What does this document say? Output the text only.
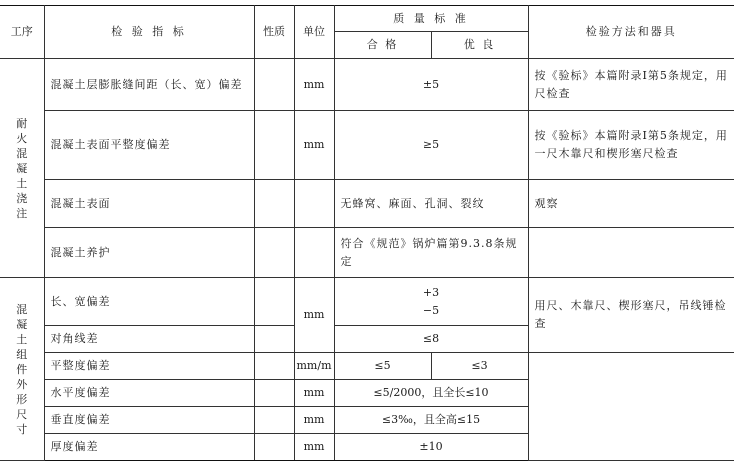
工序	检 验 指 标	性质	单位	质 量 标 准		检验方法和器具
				合 格	优 良	

耐火混凝土浇注	混凝土层膨胀缝间距（长、宽）偏差		mm	±5		按《验标》本篇附录Ⅰ第5条规定，用尺检查
	混凝土表面平整度偏差		mm	≥5		按《验标》本篇附录Ⅰ第5条规定，用一尺木靠尺和楔形塞尺检查
	混凝土表面			无蜂窝、麻面、孔洞、裂纹		观察
	混凝土养护			符合《规范》锅炉篇第9.3.8条规定		

混凝土组件外形尺寸	长、宽偏差		mm	+3
−5		用尺、木靠尺、楔形塞尺，吊线锤检查
	对角线差			≤8		
	平整度偏差		mm/m	≤5	≤3	
	水平度偏差		mm	≤5/2000，且全长≤10		
	垂直度偏差		mm	≤3‰，且全高≤15		
	厚度偏差		mm	±10		
